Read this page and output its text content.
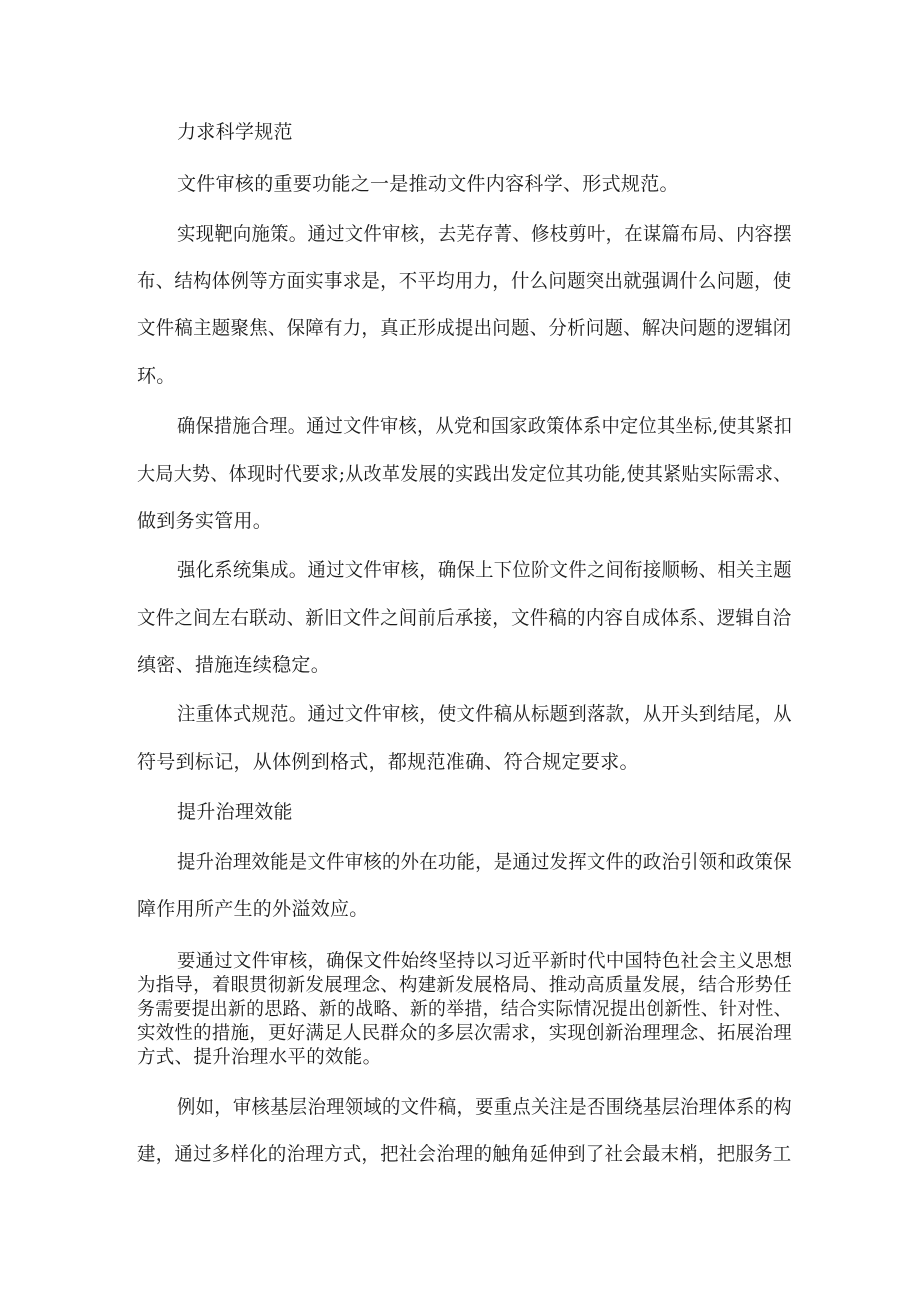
力求科学规范
文件审核的重要功能之一是推动文件内容科学、形式规范。
实现靶向施策。通过文件审核，去芜存菁、修枝剪叶，在谋篇布局、内容摆
布、结构体例等方面实事求是，不平均用力，什么问题突出就强调什么问题，使
文件稿主题聚焦、保障有力，真正形成提出问题、分析问题、解决问题的逻辑闭
环。
确保措施合理。通过文件审核，从党和国家政策体系中定位其坐标,使其紧扣
大局大势、体现时代要求;从改革发展的实践出发定位其功能,使其紧贴实际需求、
做到务实管用。
强化系统集成。通过文件审核，确保上下位阶文件之间衔接顺畅、相关主题
文件之间左右联动、新旧文件之间前后承接，文件稿的内容自成体系、逻辑自洽
缜密、措施连续稳定。
注重体式规范。通过文件审核，使文件稿从标题到落款，从开头到结尾，从
符号到标记，从体例到格式，都规范准确、符合规定要求。
提升治理效能
提升治理效能是文件审核的外在功能，是通过发挥文件的政治引领和政策保
障作用所产生的外溢效应。
要通过文件审核，确保文件始终坚持以习近平新时代中国特色社会主义思想
为指导，着眼贯彻新发展理念、构建新发展格局、推动高质量发展，结合形势任
务需要提出新的思路、新的战略、新的举措，结合实际情况提出创新性、针对性、
实效性的措施，更好满足人民群众的多层次需求，实现创新治理理念、拓展治理
方式、提升治理水平的效能。
例如，审核基层治理领域的文件稿，要重点关注是否围绕基层治理体系的构
建，通过多样化的治理方式，把社会治理的触角延伸到了社会最末梢，把服务工
